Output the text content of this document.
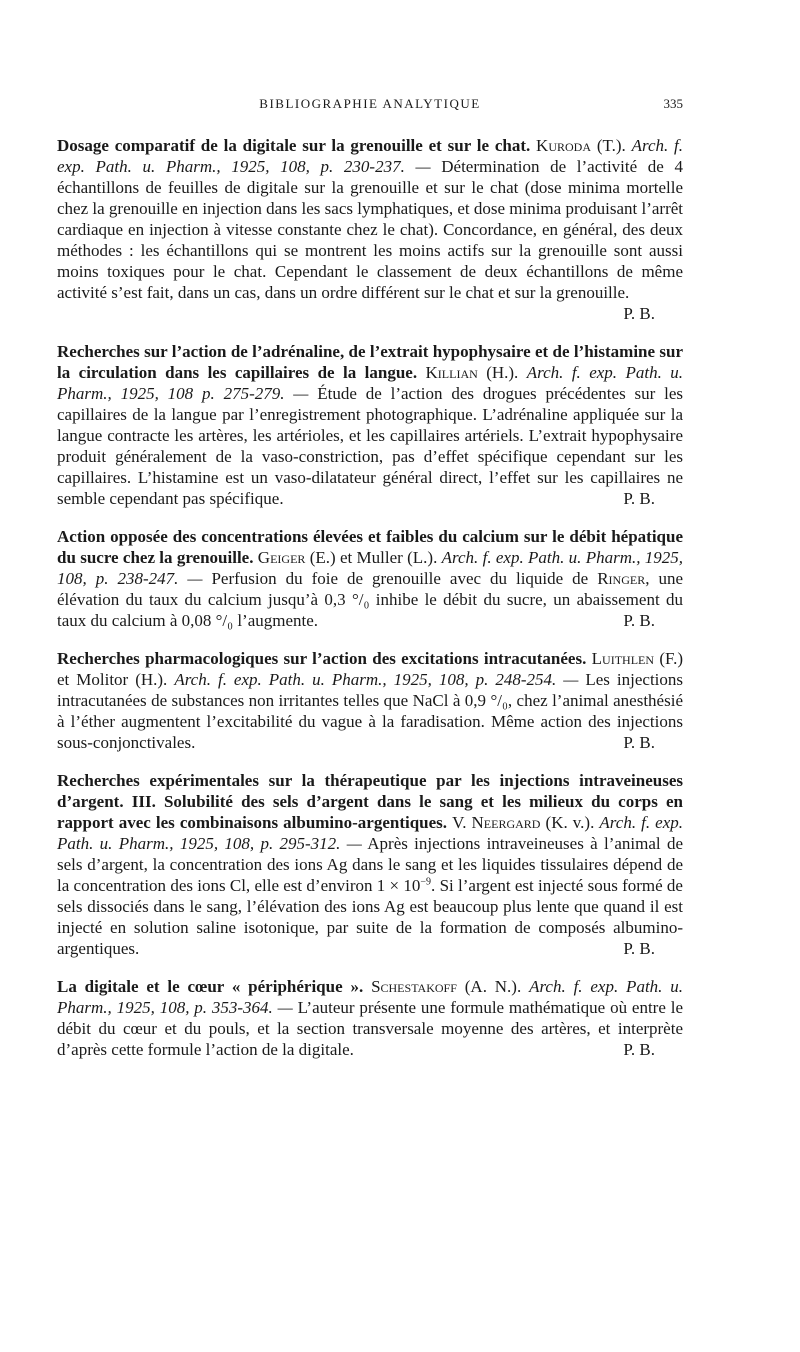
BIBLIOGRAPHIE ANALYTIQUE	335
Dosage comparatif de la digitale sur la grenouille et sur le chat. Kuroda (T.). Arch. f. exp. Path. u. Pharm., 1925, 108, p. 230-237. — Détermination de l’activité de 4 échantillons de feuilles de digitale sur la grenouille et sur le chat (dose minima mortelle chez la grenouille en injection dans les sacs lymphatiques, et dose minima produisant l’arrêt cardiaque en injection à vitesse constante chez le chat). Concordance, en général, des deux méthodes : les échantillons qui se montrent les moins actifs sur la grenouille sont aussi moins toxiques pour le chat. Cependant le classement de deux échantillons de même activité s’est fait, dans un cas, dans un ordre différent sur le chat et sur la grenouille.
P. B.
Recherches sur l’action de l’adrénaline, de l’extrait hypophysaire et de l’histamine sur la circulation dans les capillaires de la langue. Killian (H.). Arch. f. exp. Path. u. Pharm., 1925, 108 p. 275-279. — Étude de l’action des drogues précédentes sur les capillaires de la langue par l’enregistrement photographique. L’adrénaline appliquée sur la langue contracte les artères, les artérioles, et les capillaires artériels. L’extrait hypophysaire produit généralement de la vaso-constriction, pas d’effet spécifique cependant sur les capillaires. L’histamine est un vaso-dilatateur général direct, l’effet sur les capillaires ne semble cependant pas spécifique.	P. B.
Action opposée des concentrations élevées et faibles du calcium sur le débit hépatique du sucre chez la grenouille. Geiger (E.) et Muller (L.). Arch. f. exp. Path. u. Pharm., 1925, 108, p. 238-247. — Perfusion du foie de grenouille avec du liquide de Ringer, une élévation du taux du calcium jusqu’à 0,3 °/₀ inhibe le débit du sucre, un abaissement du taux du calcium à 0,08 °/₀ l’augmente.	P. B.
Recherches pharmacologiques sur l’action des excitations intracutanées. Luithlen (F.) et Molitor (H.). Arch. f. exp. Path. u. Pharm., 1925, 108, p. 248-254. — Les injections intracutanées de substances non irritantes telles que NaCl à 0,9 °/₀, chez l’animal anesthésié à l’éther augmentent l’excitabilité du vague à la faradisation. Même action des injections sous-conjonctivales.	P. B.
Recherches expérimentales sur la thérapeutique par les injections intraveineuses d’argent. III. Solubilité des sels d’argent dans le sang et les milieux du corps en rapport avec les combinaisons albumino-argentiques. V. Neergard (K. v.). Arch. f. exp. Path. u. Pharm., 1925, 108, p. 295-312. — Après injections intraveineuses à l’animal de sels d’argent, la concentration des ions Ag dans le sang et les liquides tissulaires dépend de la concentration des ions Cl, elle est d’environ $1 \times 10^{-9}$. Si l’argent est injecté sous formé de sels dissociés dans le sang, l’élévation des ions Ag est beaucoup plus lente que quand il est injecté en solution saline isotonique, par suite de la formation de composés albumino-argentiques.	P. B.
La digitale et le cœur « périphérique ». Schestakoff (A. N.). Arch. f. exp. Path. u. Pharm., 1925, 108, p. 353-364. — L’auteur présente une formule mathématique où entre le débit du cœur et du pouls, et la section transversale moyenne des artères, et interprète d’après cette formule l’action de la digitale.	P. B.
